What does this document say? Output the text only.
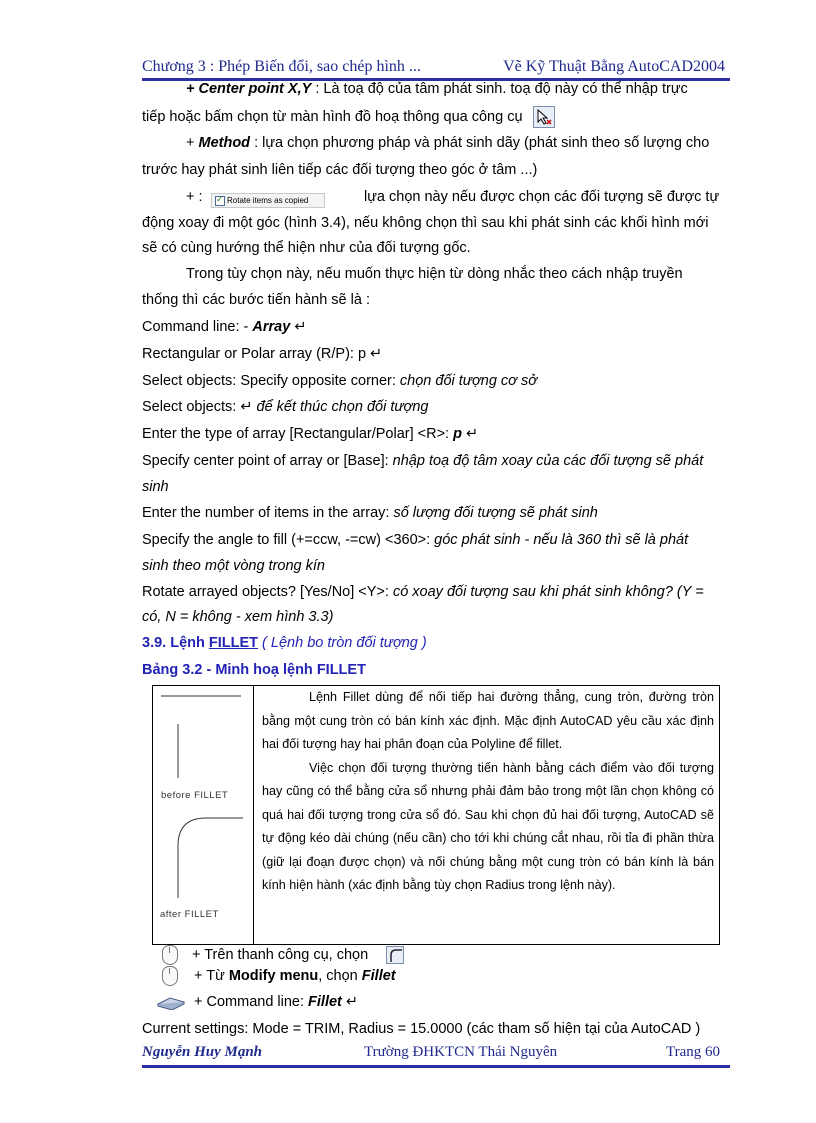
Chương 3 : Phép Biến đổi, sao chép hình ...	Vẽ Kỹ Thuật Bằng AutoCAD2004
+ Center point X,Y : Là toạ độ của tâm phát sinh. toạ độ này có thể nhập trực
tiếp hoặc bấm chọn từ màn hình đồ hoạ thông qua công cụ
+ Method : lựa chọn phương pháp và phát sinh dãy (phát sinh theo số lượng cho
trước hay phát sinh liên tiếp các đối tượng theo góc ở tâm ...)
+ :
✓	Rotate items as copied	lựa chọn này nếu được chọn các đối tượng sẽ được tự
động xoay đi một góc (hình 3.4), nếu không chọn thì sau khi phát sinh các khối hình mới
sẽ có cùng hướng thể hiện như của đối tượng gốc.
Trong tùy chọn này, nếu muốn thực hiện từ dòng nhắc theo cách nhập truyền
thống thì các bước tiến hành sẽ là :
Command line: - Array ↵
Rectangular or Polar array (R/P): p ↵
Select objects: Specify opposite corner: chọn đối tượng cơ sở
Select objects: ↵ để kết thúc chọn đối tượng
Enter the type of array [Rectangular/Polar] <R>: p ↵
Specify center point of array or [Base]: nhập toạ độ tâm xoay của các đối tượng sẽ phát
sinh
Enter the number of items in the array: số lượng đối tượng sẽ phát sinh
Specify the angle to fill (+=ccw, -=cw) <360>: góc phát sinh - nếu là 360 thì sẽ là phát
sinh theo một vòng trong kín
Rotate arrayed objects? [Yes/No] <Y>: có xoay đối tượng sau khi phát sinh không? (Y =
có, N = không - xem hình 3.3)
3.9. Lệnh FILLET ( Lệnh bo tròn đối tượng )
Bảng 3.2 - Minh hoạ lệnh FILLET
before FILLET
after FILLET

Lệnh Fillet dùng để nối tiếp hai đường thẳng, cung tròn, đường tròn bằng một cung tròn có bán kính xác định. Mặc định AutoCAD yêu cầu xác định hai đối tượng hay hai phân đoạn của Polyline để fillet.

Việc chọn đối tượng thường tiến hành bằng cách điểm vào đối tượng hay cũng có thể bằng cửa sổ nhưng phải đảm bảo trong một lần chọn không có quá hai đối tượng trong cửa sổ đó. Sau khi chọn đủ hai đối tượng, AutoCAD sẽ tự động kéo dài chúng (nếu cần) cho tới khi chúng cắt nhau, rồi tỉa đi phần thừa (giữ lại đoạn được chọn) và nối chúng bằng một cung tròn có bán kính là bán kính hiện hành (xác định bằng tùy chọn Radius trong lệnh này).

+ Trên thanh công cụ, chọn
+ Từ Modify menu, chọn Fillet
+ Command line: Fillet ↵
Current settings: Mode = TRIM, Radius = 15.0000 (các tham số hiện tại của AutoCAD )
Nguyễn Huy Mạnh	Trường ĐHKTCN Thái Nguyên	Trang 60
